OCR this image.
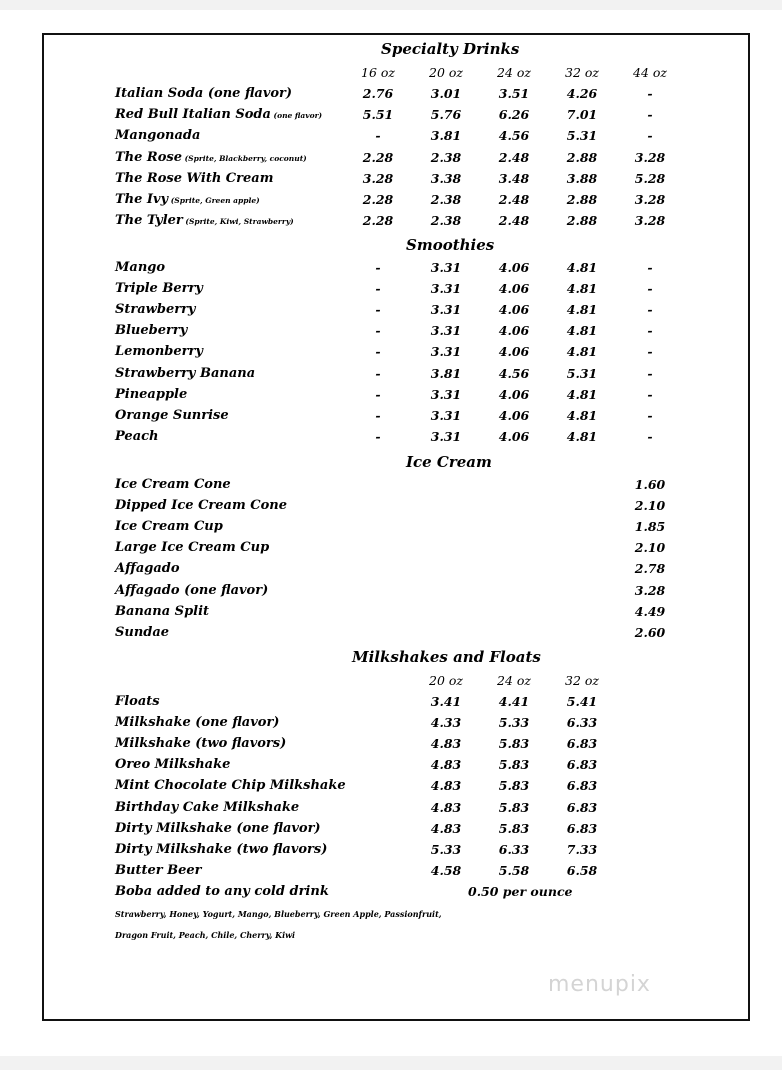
Specialty Drinks
16 oz	20 oz	24 oz	32 oz	44 oz
Italian Soda (one flavor)	2.76	3.01	3.51	4.26	-
Red Bull Italian Soda (one flavor)	5.51	5.76	6.26	7.01	-
Mangonada	-	3.81	4.56	5.31	-
The Rose (Sprite, Blackberry, coconut)	2.28	2.38	2.48	2.88	3.28
The Rose With Cream	3.28	3.38	3.48	3.88	5.28
The Ivy (Sprite, Green apple)	2.28	2.38	2.48	2.88	3.28
The Tyler (Sprite, Kiwi, Strawberry)	2.28	2.38	2.48	2.88	3.28
Smoothies
Mango	-	3.31	4.06	4.81	-
Triple Berry	-	3.31	4.06	4.81	-
Strawberry	-	3.31	4.06	4.81	-
Blueberry	-	3.31	4.06	4.81	-
Lemonberry	-	3.31	4.06	4.81	-
Strawberry Banana	-	3.81	4.56	5.31	-
Pineapple	-	3.31	4.06	4.81	-
Orange Sunrise	-	3.31	4.06	4.81	-
Peach	-	3.31	4.06	4.81	-
Ice Cream
Ice Cream Cone	1.60
Dipped Ice Cream Cone	2.10
Ice Cream Cup	1.85
Large Ice Cream Cup	2.10
Affagado	2.78
Affagado (one flavor)	3.28
Banana Split	4.49
Sundae	2.60
Milkshakes and Floats
20 oz	24 oz	32 oz
Floats	3.41	4.41	5.41
Milkshake (one flavor)	4.33	5.33	6.33
Milkshake (two flavors)	4.83	5.83	6.83
Oreo Milkshake	4.83	5.83	6.83
Mint Chocolate Chip Milkshake	4.83	5.83	6.83
Birthday Cake Milkshake	4.83	5.83	6.83
Dirty Milkshake (one flavor)	4.83	5.83	6.83
Dirty Milkshake (two flavors)	5.33	6.33	7.33
Butter Beer	4.58	5.58	6.58
Boba added to any cold drink	0.50 per ounce
Strawberry, Honey, Yogurt, Mango, Blueberry, Green Apple, Passionfruit,
Dragon Fruit, Peach, Chile, Cherry, Kiwi
menupix
